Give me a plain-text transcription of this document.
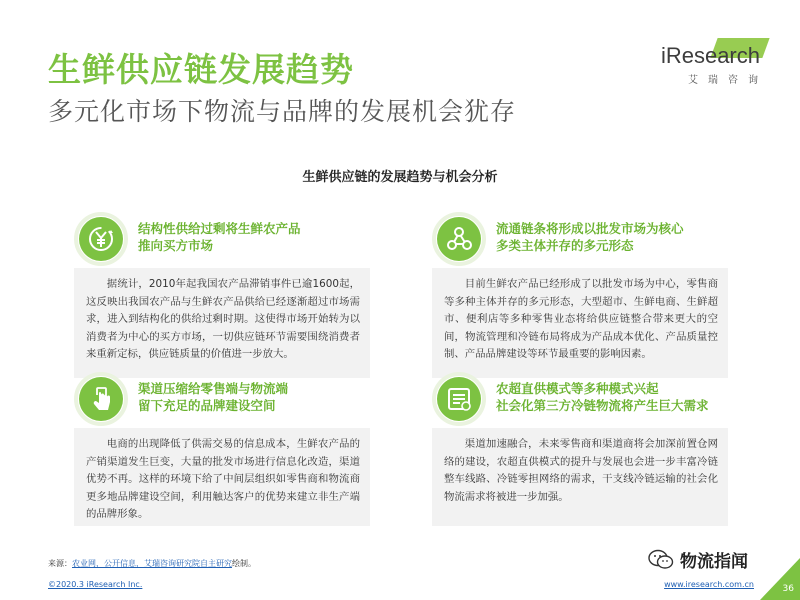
生鲜供应链发展趋势
多元化市场下物流与品牌的发展机会犹存
iResearch
艾瑞咨询
生鲜供应链的发展趋势与机会分析

结构性供给过剩将生鲜农产品
推向买方市场

据统计，2010年起我国农产品滞销事件已逾1600起，这反映出我国农产品与生鲜农产品供给已经逐渐超过市场需求，进入到结构化的供给过剩时期。这使得市场开始转为以消费者为中心的买方市场，一切供应链环节需要围绕消费者来重新定标，供应链质量的价值进一步放大。

流通链条将形成以批发市场为核心
多类主体并存的多元形态

目前生鲜农产品已经形成了以批发市场为中心，零售商等多种主体并存的多元形态，大型超市、生鲜电商、生鲜超市、便利店等多种零售业态将给供应链整合带来更大的空间，物流管理和冷链布局将成为产品成本优化、产品质量控制、产品品牌建设等环节最重要的影响因素。

渠道压缩给零售端与物流端
留下充足的品牌建设空间

电商的出现降低了供需交易的信息成本，生鲜农产品的产销渠道发生巨变，大量的批发市场进行信息化改造，渠道优势不再。这样的环境下给了中间层组织如零售商和物流商更多地品牌建设空间，利用触达客户的优势来建立非生产端的品牌形象。

农超直供模式等多种模式兴起
社会化第三方冷链物流将产生巨大需求

渠道加速融合，未来零售商和渠道商将会加深前置仓网络的建设，农超直供模式的提升与发展也会进一步丰富冷链整车线路、冷链零担网络的需求，干支线冷链运输的社会化物流需求将被进一步加强。
来源：农业网，公开信息，艾瑞咨询研究院自主研究绘制。	物流指闻
©2020.3 iResearch Inc.	www.iresearch.com.cn	36
